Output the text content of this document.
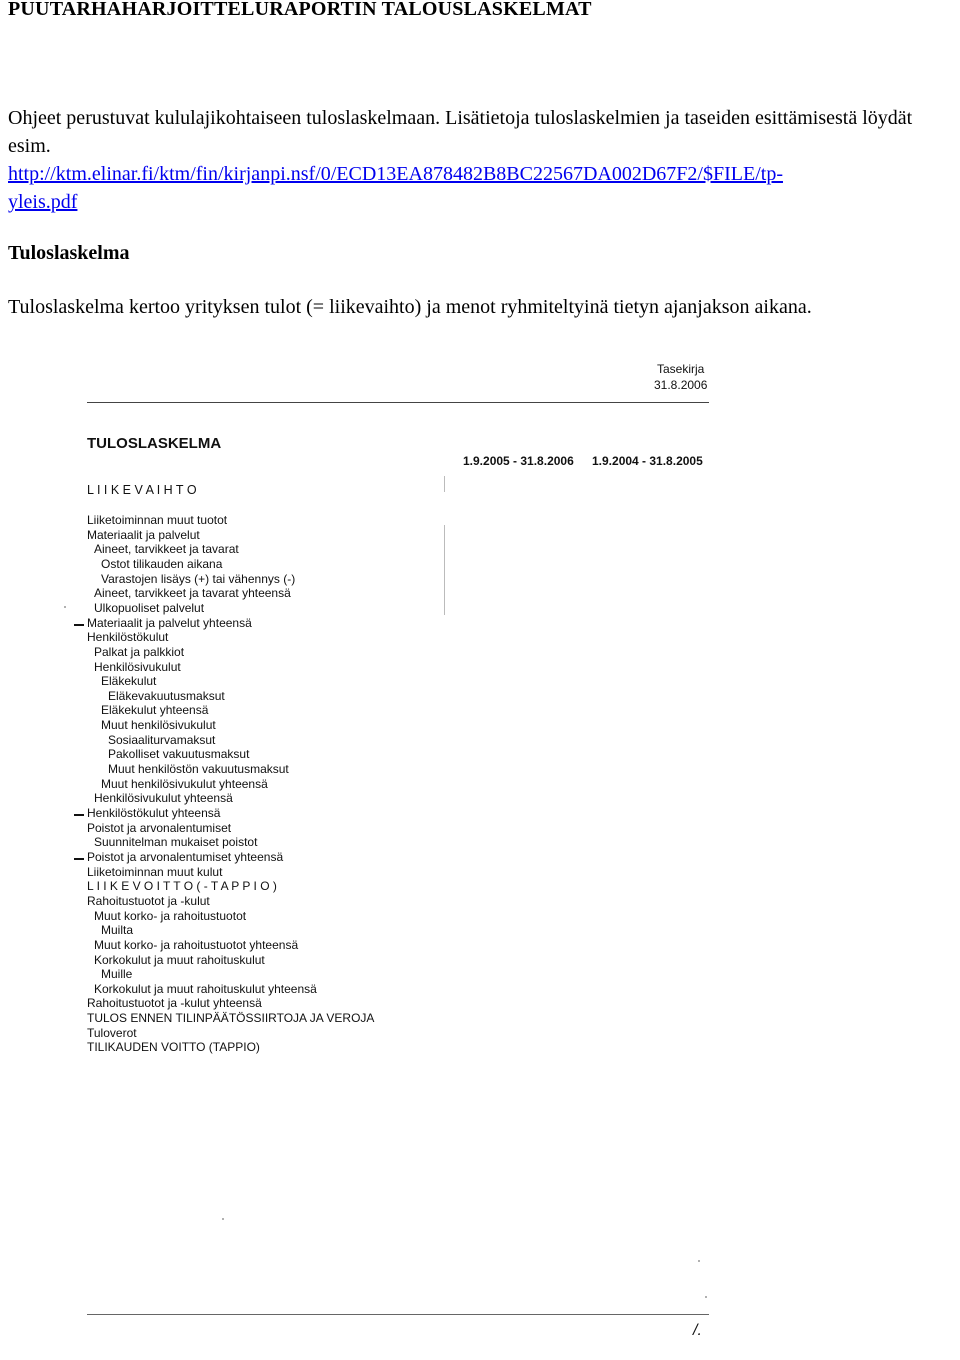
PUUTARHAHARJOITTELURAPORTIN TALOUSLASKELMAT
Ohjeet perustuvat kululajikohtaiseen tuloslaskelmaan. Lisätietoja tuloslaskelmien ja taseiden esittämisestä löydät esim.
http://ktm.elinar.fi/ktm/fin/kirjanpi.nsf/0/ECD13EA878482B8BC22567DA002D67F2/$FILE/tp-
yleis.pdf
Tuloslaskelma
Tuloslaskelma kertoo yrityksen tulot (= liikevaihto) ja menot ryhmiteltyinä tietyn ajanjakson aikana.
Tasekirja
31.8.2006
TULOSLASKELMA
1.9.2005 - 31.8.2006 1.9.2004 - 31.8.2005
L I I K E V A I H T O
Liiketoiminnan muut tuotot
Materiaalit ja palvelut
Aineet, tarvikkeet ja tavarat
Ostot tilikauden aikana
Varastojen lisäys (+) tai vähennys (-)
Aineet, tarvikkeet ja tavarat yhteensä
Ulkopuoliset palvelut
Materiaalit ja palvelut yhteensä
Henkilöstökulut
Palkat ja palkkiot
Henkilösivukulut
Eläkekulut
Eläkevakuutusmaksut
Eläkekulut yhteensä
Muut henkilösivukulut
Sosiaaliturvamaksut
Pakolliset vakuutusmaksut
Muut henkilöstön vakuutusmaksut
Muut henkilösivukulut yhteensä
Henkilösivukulut yhteensä
Henkilöstökulut yhteensä
Poistot ja arvonalentumiset
Suunnitelman mukaiset poistot
Poistot ja arvonalentumiset yhteensä
Liiketoiminnan muut kulut
L I I K E V O I T T O ( - T A P P I O )
Rahoitustuotot ja -kulut
Muut korko- ja rahoitustuotot
Muilta
Muut korko- ja rahoitustuotot yhteensä
Korkokulut ja muut rahoituskulut
Muille
Korkokulut ja muut rahoituskulut yhteensä
Rahoitustuotot ja -kulut yhteensä
TULOS ENNEN TILINPÄÄTÖSSIIRTOJA JA VEROJA
Tuloverot
TILIKAUDEN VOITTO (TAPPIO)
/.
